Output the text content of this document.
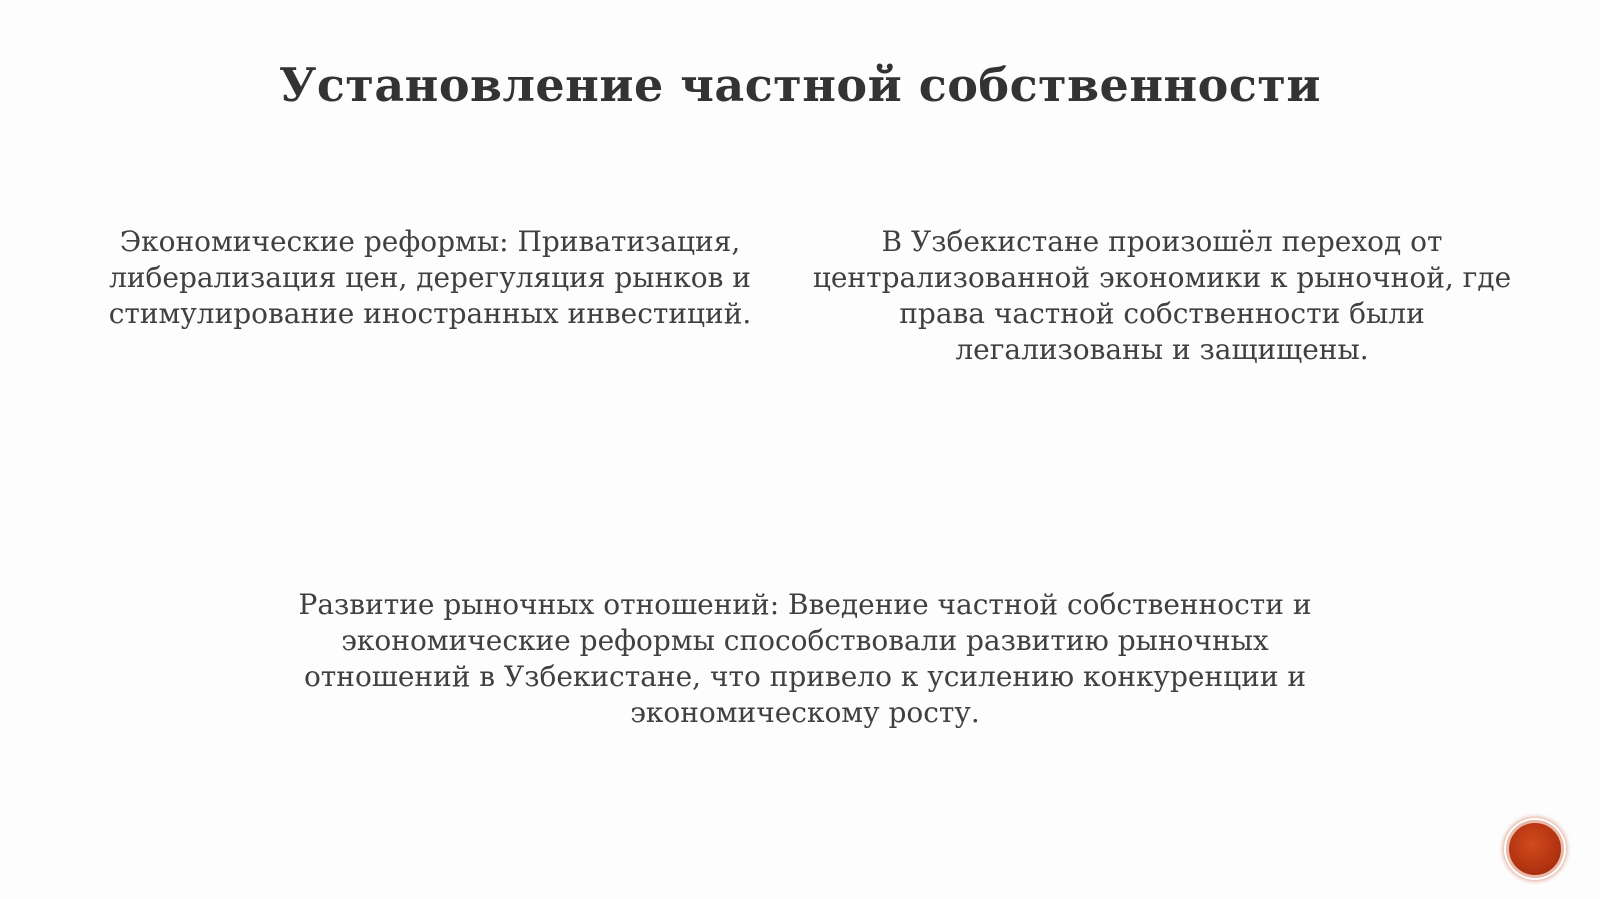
Установление частной собственности

Экономические реформы: Приватизация, либерализация цен, дерегуляция рынков и стимулирование иностранных инвестиций.

В Узбекистане произошёл переход от централизованной экономики к рыночной, где права частной собственности были легализованы и защищены.

Развитие рыночных отношений: Введение частной собственности и экономические реформы способствовали развитию рыночных отношений в Узбекистане, что привело к усилению конкуренции и экономическому росту.
